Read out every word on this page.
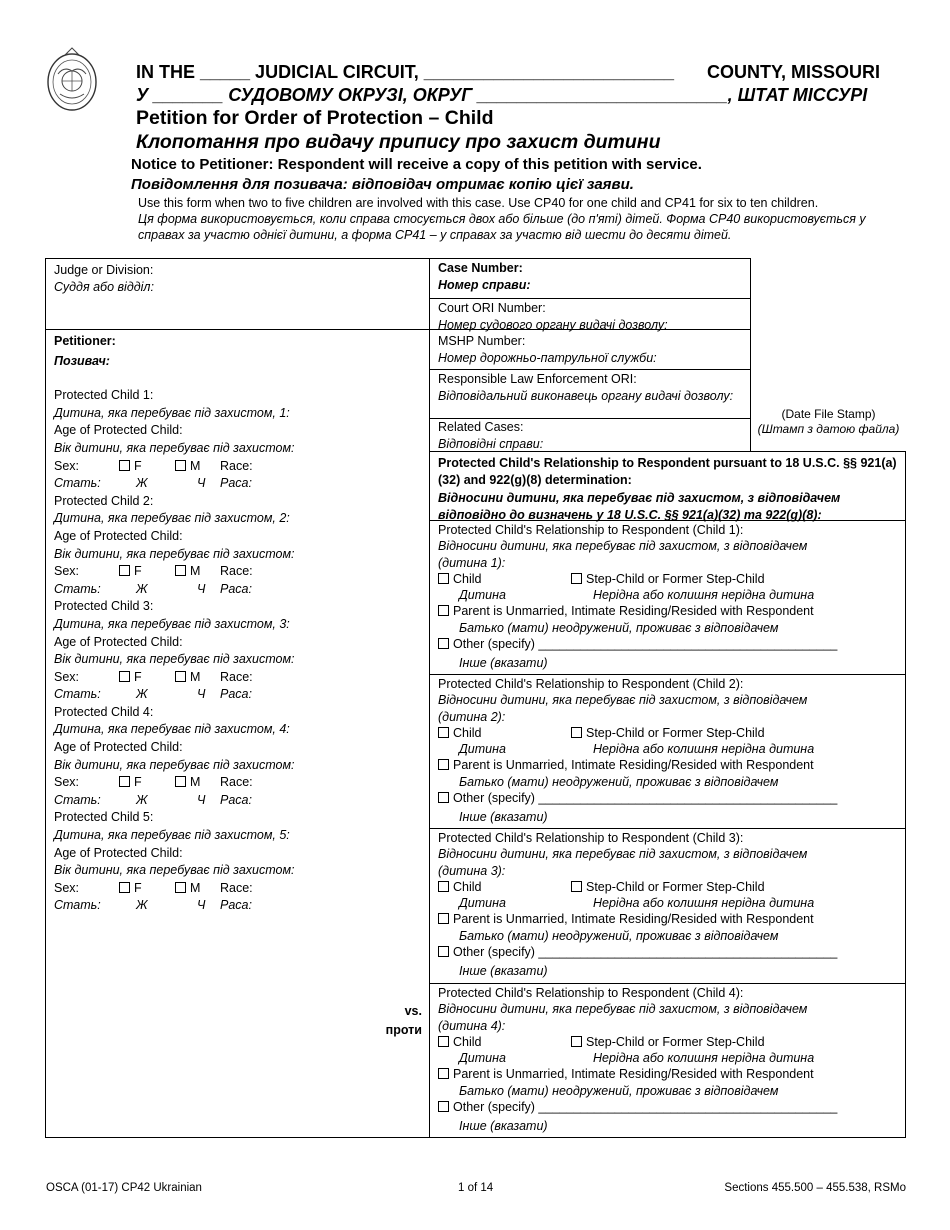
IN THE _____ JUDICIAL CIRCUIT, _________________________ COUNTY, MISSOURI
У _______ СУДОВОМУ ОКРУЗІ, ОКРУГ _________________________, ШТАТ МІССУРІ
Petition for Order of Protection – Child
Клопотання про видачу припису про захист дитини
Notice to Petitioner: Respondent will receive a copy of this petition with service.
Повідомлення для позивача: відповідач отримає копію цієї заяви.
Use this form when two to five children are involved with this case. Use CP40 for one child and CP41 for six to ten children.
Ця форма використовується, коли справа стосується двох або більше (до п'яті) дітей. Форма CP40 використовується у справах за участю однієї дитини, а форма CP41 – у справах за участю від шести до десяти дітей.
Judge or Division:
Суддя або відділ:
Petitioner:
Позивач:
Protected Child 1:
Дитина, яка перебуває під захистом, 1:
Age of Protected Child:
Вік дитини, яка перебуває під захистом:
Sex:	F	M Race:
Стать:	Ж	Ч Раса:
Protected Child 2:
Дитина, яка перебуває під захистом, 2:
Age of Protected Child:
Вік дитини, яка перебуває під захистом:
Sex:	F	M Race:
Стать:	Ж	Ч Раса:
Protected Child 3:
Дитина, яка перебуває під захистом, 3:
Age of Protected Child:
Вік дитини, яка перебуває під захистом:
Sex:	F	M Race:
Стать:	Ж	Ч Раса:
Protected Child 4:
Дитина, яка перебуває під захистом, 4:
Age of Protected Child:
Вік дитини, яка перебуває під захистом:
Sex:	F	M Race:
Стать:	Ж	Ч Раса:
Protected Child 5:
Дитина, яка перебуває під захистом, 5:
Age of Protected Child:
Вік дитини, яка перебуває під захистом:
Sex:	F	M Race:
Стать:	Ж	Ч Раса:
vs.
проти
Case Number:
Номер справи:
Court ORI Number:
Номер судового органу видачі дозволу:
MSHP Number:
Номер дорожньо-патрульної служби:
Responsible Law Enforcement ORI:
Відповідальний виконавець органу видачі дозволу:
Related Cases:
Відповідні справи:
(Date File Stamp)
(Штамп з датою файла)
Protected Child's Relationship to Respondent pursuant to 18 U.S.C. §§ 921(a)(32) and 922(g)(8) determination:
Відносини дитини, яка перебуває під захистом, з відповідачем відповідно до визначень у 18 U.S.C. §§ 921(a)(32) та 922(g)(8):
Protected Child's Relationship to Respondent (Child 1):
Відносини дитини, яка перебуває під захистом, з відповідачем
(дитина 1):
Child	Step-Child or Former Step-Child
Дитина	Нерідна або колишня нерідна дитина
Parent is Unmarried, Intimate Residing/Resided with Respondent
Батько (мати) неодружений, проживає з відповідачем
Other (specify) ___________________________________________
Інше (вказати)
Protected Child's Relationship to Respondent (Child 2):
Відносини дитини, яка перебуває під захистом, з відповідачем
(дитина 2):
Child	Step-Child or Former Step-Child
Дитина	Нерідна або колишня нерідна дитина
Parent is Unmarried, Intimate Residing/Resided with Respondent
Батько (мати) неодружений, проживає з відповідачем
Other (specify) ___________________________________________
Інше (вказати)
Protected Child's Relationship to Respondent (Child 3):
Відносини дитини, яка перебуває під захистом, з відповідачем
(дитина 3):
Child	Step-Child or Former Step-Child
Дитина	Нерідна або колишня нерідна дитина
Parent is Unmarried, Intimate Residing/Resided with Respondent
Батько (мати) неодружений, проживає з відповідачем
Other (specify) ___________________________________________
Інше (вказати)
Protected Child's Relationship to Respondent (Child 4):
Відносини дитини, яка перебуває під захистом, з відповідачем
(дитина 4):
Child	Step-Child or Former Step-Child
Дитина	Нерідна або колишня нерідна дитина
Parent is Unmarried, Intimate Residing/Resided with Respondent
Батько (мати) неодружений, проживає з відповідачем
Other (specify) ___________________________________________
Інше (вказати)
OSCA (01-17) CP42 Ukrainian	1 of 14	Sections 455.500 – 455.538, RSMo
